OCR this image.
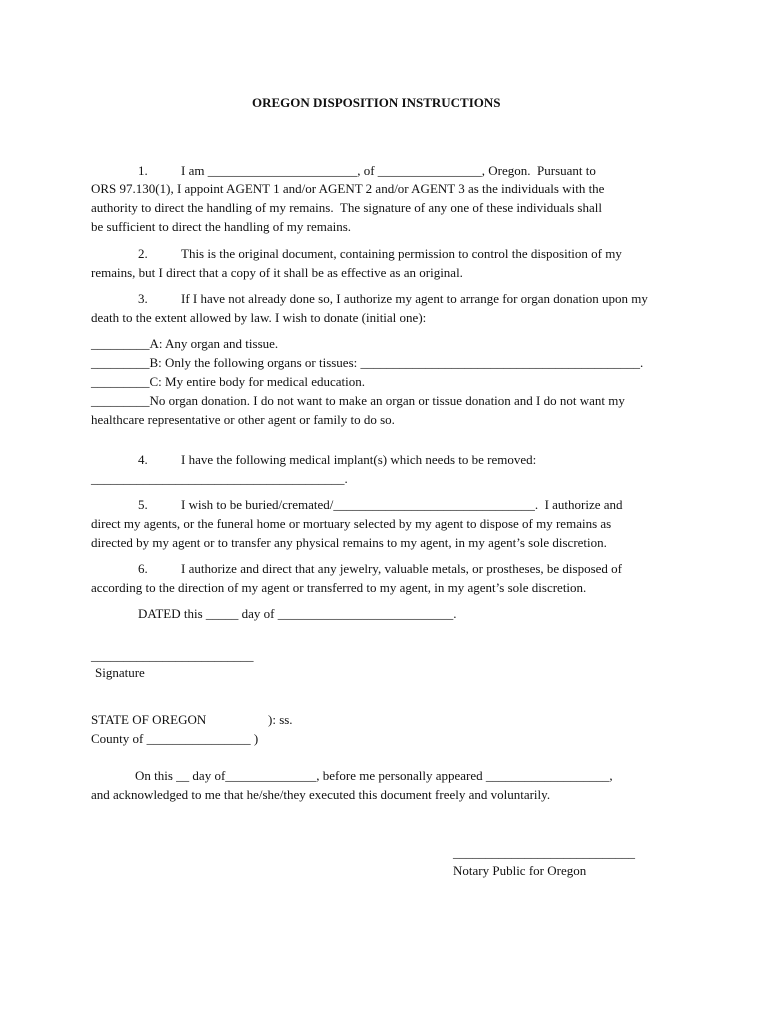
OREGON DISPOSITION INSTRUCTIONS
1.	I am _______________________, of ________________, Oregon.  Pursuant to
ORS 97.130(1), I appoint AGENT 1 and/or AGENT 2 and/or AGENT 3 as the individuals with the
authority to direct the handling of my remains.  The signature of any one of these individuals shall
be sufficient to direct the handling of my remains.
2.	This is the original document, containing permission to control the disposition of my
remains, but I direct that a copy of it shall be as effective as an original.
3.	If I have not already done so, I authorize my agent to arrange for organ donation upon my
death to the extent allowed by law. I wish to donate (initial one):
_________A: Any organ and tissue.
_________B: Only the following organs or tissues: ___________________________________________.
_________C: My entire body for medical education.
_________No organ donation. I do not want to make an organ or tissue donation and I do not want my
healthcare representative or other agent or family to do so.
4.	I have the following medical implant(s) which needs to be removed:
_______________________________________.
5.	I wish to be buried/cremated/_______________________________.  I authorize and
direct my agents, or the funeral home or mortuary selected by my agent to dispose of my remains as
directed by my agent or to transfer any physical remains to my agent, in my agent’s sole discretion.
6.	I authorize and direct that any jewelry, valuable metals, or prostheses, be disposed of
according to the direction of my agent or transferred to my agent, in my agent’s sole discretion.
DATED this _____ day of ___________________________.
_________________________
Signature
STATE OF OREGON	): ss.
County of ________________ )
On this __ day of______________, before me personally appeared ___________________,
and acknowledged to me that he/she/they executed this document freely and voluntarily.
____________________________
Notary Public for Oregon
